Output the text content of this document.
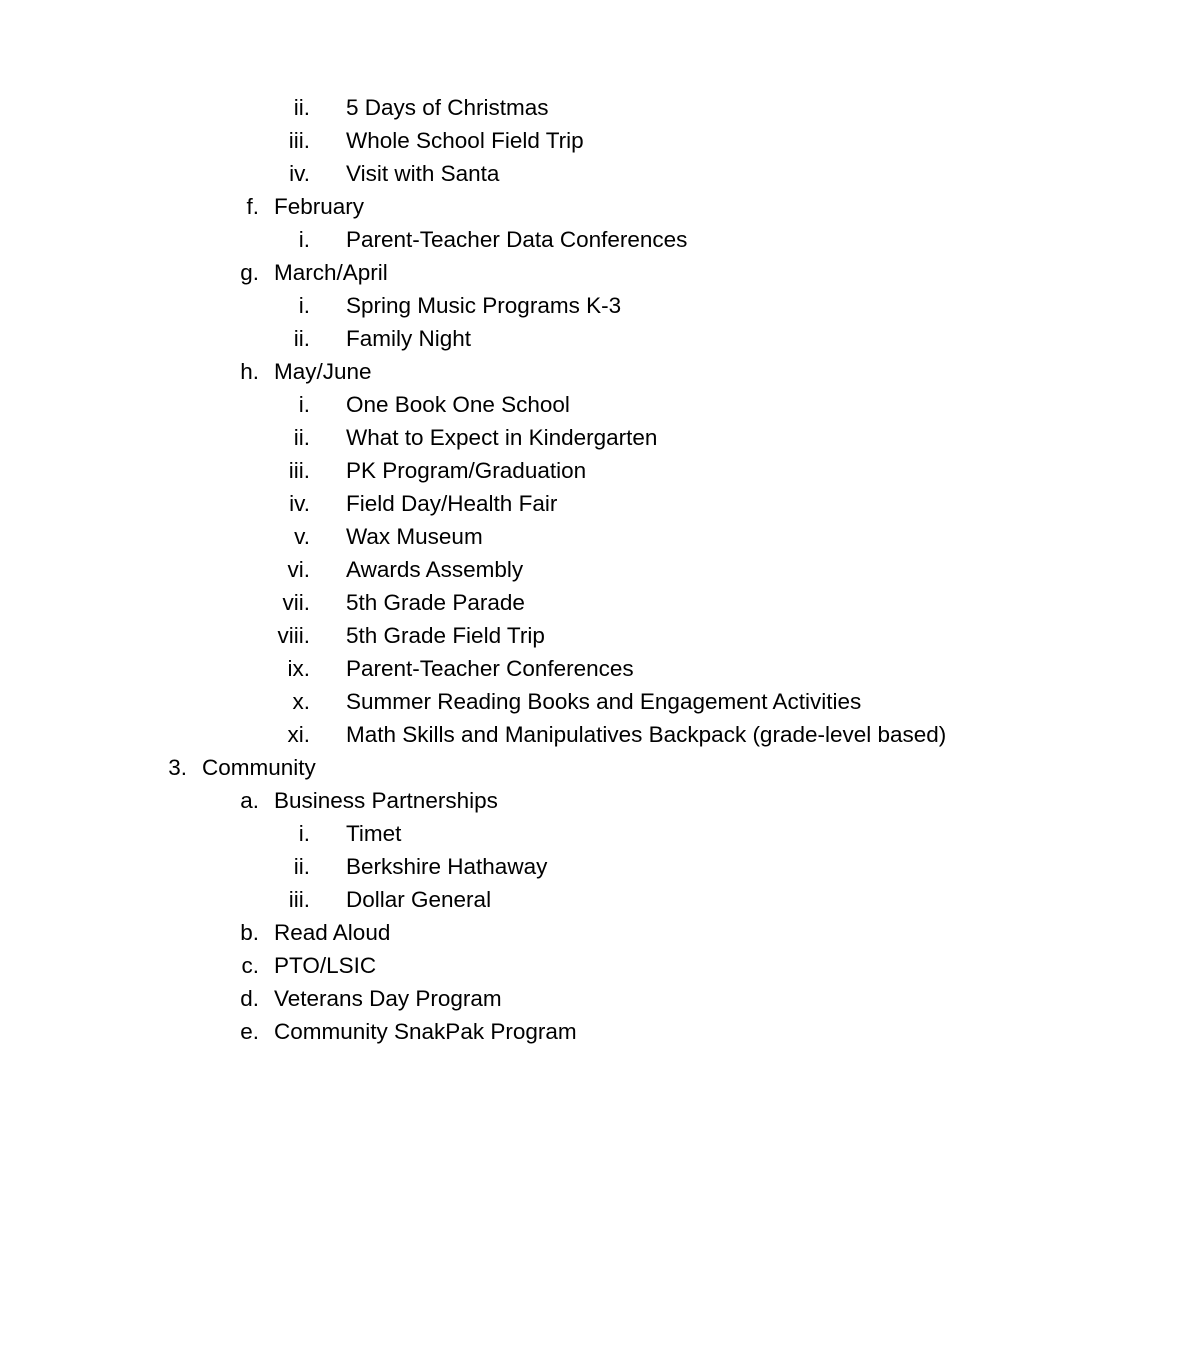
ii. 5 Days of Christmas
iii. Whole School Field Trip
iv. Visit with Santa
f. February
i. Parent-Teacher Data Conferences
g. March/April
i. Spring Music Programs K-3
ii. Family Night
h. May/June
i. One Book One School
ii. What to Expect in Kindergarten
iii. PK Program/Graduation
iv. Field Day/Health Fair
v. Wax Museum
vi. Awards Assembly
vii. 5th Grade Parade
viii. 5th Grade Field Trip
ix. Parent-Teacher Conferences
x. Summer Reading Books and Engagement Activities
xi. Math Skills and Manipulatives Backpack (grade-level based)
3. Community
a. Business Partnerships
i. Timet
ii. Berkshire Hathaway
iii. Dollar General
b. Read Aloud
c. PTO/LSIC
d. Veterans Day Program
e. Community SnakPak Program
